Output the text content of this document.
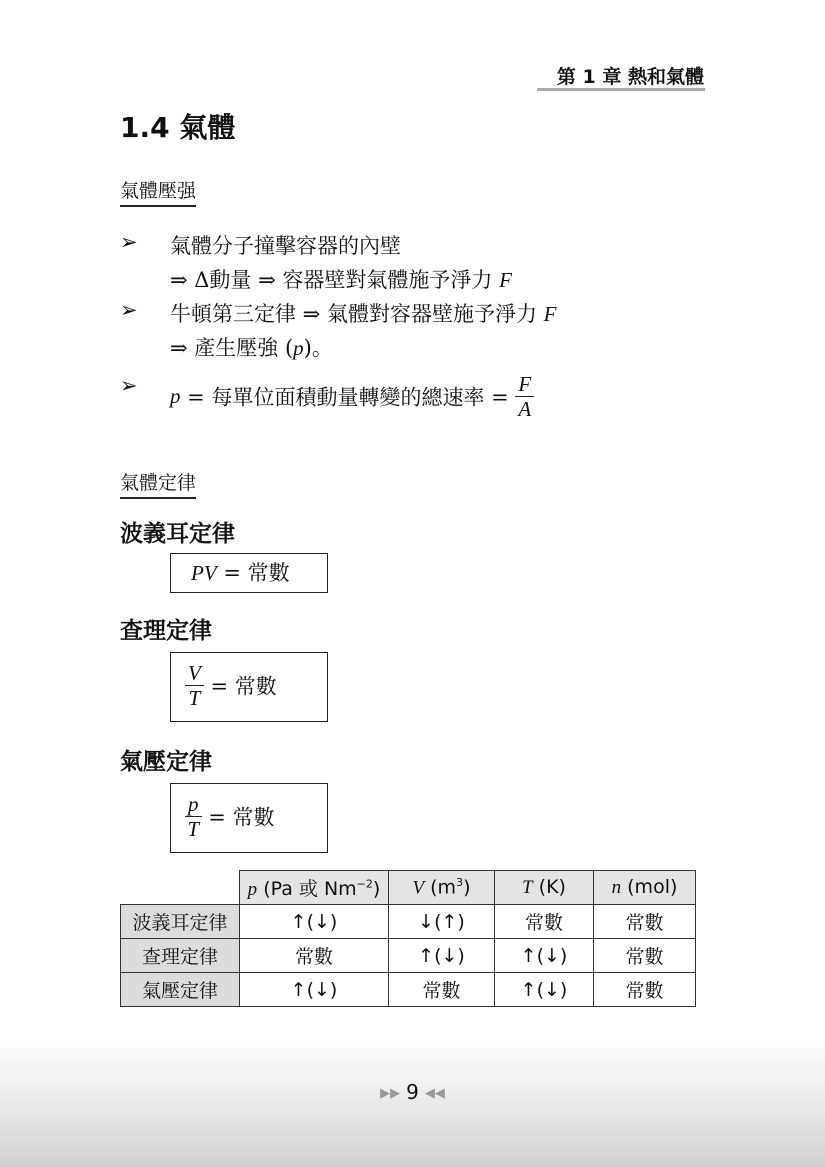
第 1 章 熱和氣體
1.4 氣體
氣體壓强
➢ 氣體分子撞擊容器的內壁
⇒ Δ動量 ⇒ 容器壁對氣體施予淨力 F
➢ 牛頓第三定律 ⇒ 氣體對容器壁施予淨力 F
⇒ 產生壓強 (p)。
➢ p = 每單位面積動量轉變的總速率 = $\frac{F}{A}$
氣體定律
波義耳定律
PV = 常數
查理定律
$\frac{V}{T}$ = 常數
氣壓定律
$\frac{p}{T}$ = 常數
	p (Pa 或 $Nm^{-2}$)	V $(m^3)$	T (K)	n (mol)
波義耳定律	↑(↓)	↓(↑)	常數	常數
查理定律	常數	↑(↓)	↑(↓)	常數
氣壓定律	↑(↓)	常數	↑(↓)	常數
▶▶ 9 ◀◀
